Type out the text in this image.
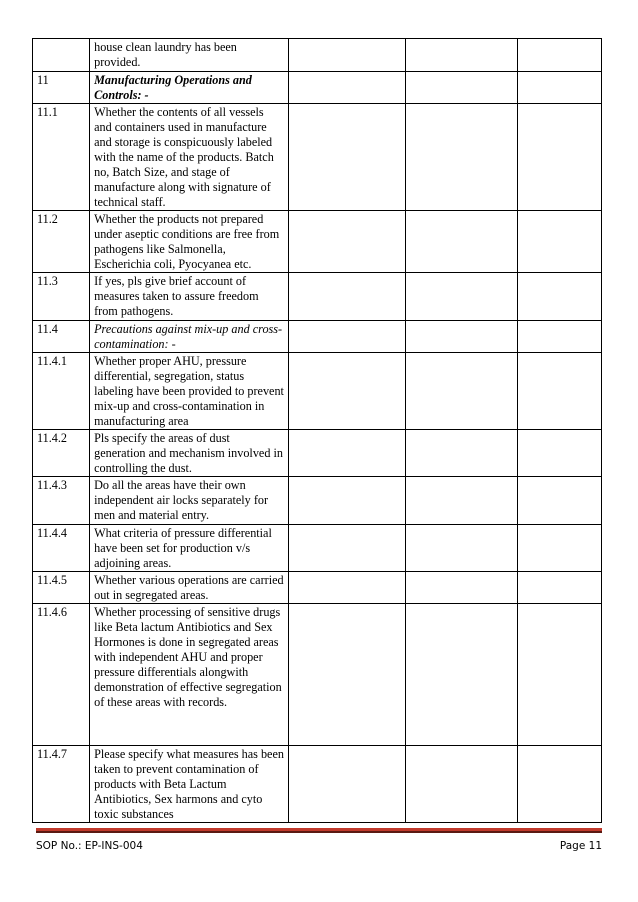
	house clean laundry has been provided.			
11	Manufacturing Operations and Controls: -			
11.1	Whether the contents of all vessels and containers used in manufacture and storage is conspicuously labeled with the name of the products. Batch no, Batch Size, and stage of manufacture along with signature of technical staff.			
11.2	Whether the products not prepared under aseptic conditions are free from pathogens like Salmonella, Escherichia coli, Pyocyanea etc.			
11.3	If yes, pls give brief account of measures taken to assure freedom from pathogens.			
11.4	Precautions against mix-up and cross-contamination: -			
11.4.1	Whether proper AHU, pressure differential, segregation, status labeling have been provided to prevent mix-up and cross-contamination in manufacturing area			
11.4.2	Pls specify the areas of dust generation and mechanism involved in controlling the dust.			
11.4.3	Do all the areas have their own independent air locks separately for men and material entry.			
11.4.4	What criteria of pressure differential have been set for production v/s adjoining areas.			
11.4.5	Whether various operations are carried out in segregated areas.			
11.4.6	Whether processing of sensitive drugs like Beta lactum Antibiotics and Sex Hormones is done in segregated areas with independent AHU and proper pressure differentials alongwith demonstration of effective segregation of these areas with records.			
11.4.7	Please specify what measures has been taken to prevent contamination of products with Beta Lactum Antibiotics, Sex harmons and cyto toxic substances			
SOP No.: EP-INS-004	Page 11
